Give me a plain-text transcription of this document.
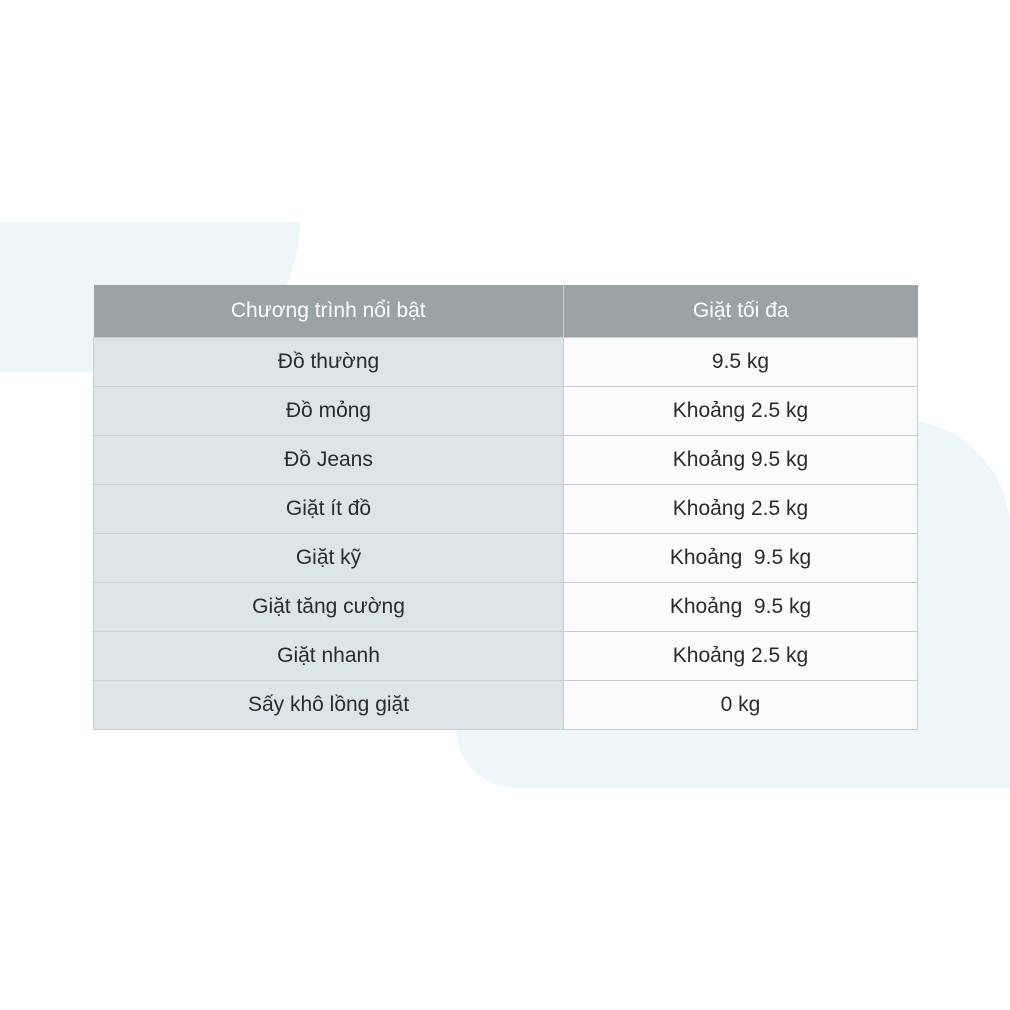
Chương trình nổi bật	Giặt tối đa
Đồ thường	9.5 kg
Đồ mỏng	Khoảng 2.5 kg
Đồ Jeans	Khoảng 9.5 kg
Giặt ít đồ	Khoảng 2.5 kg
Giặt kỹ	Khoảng  9.5 kg
Giặt tăng cường	Khoảng  9.5 kg
Giặt nhanh	Khoảng 2.5 kg
Sấy khô lồng giặt	0 kg
